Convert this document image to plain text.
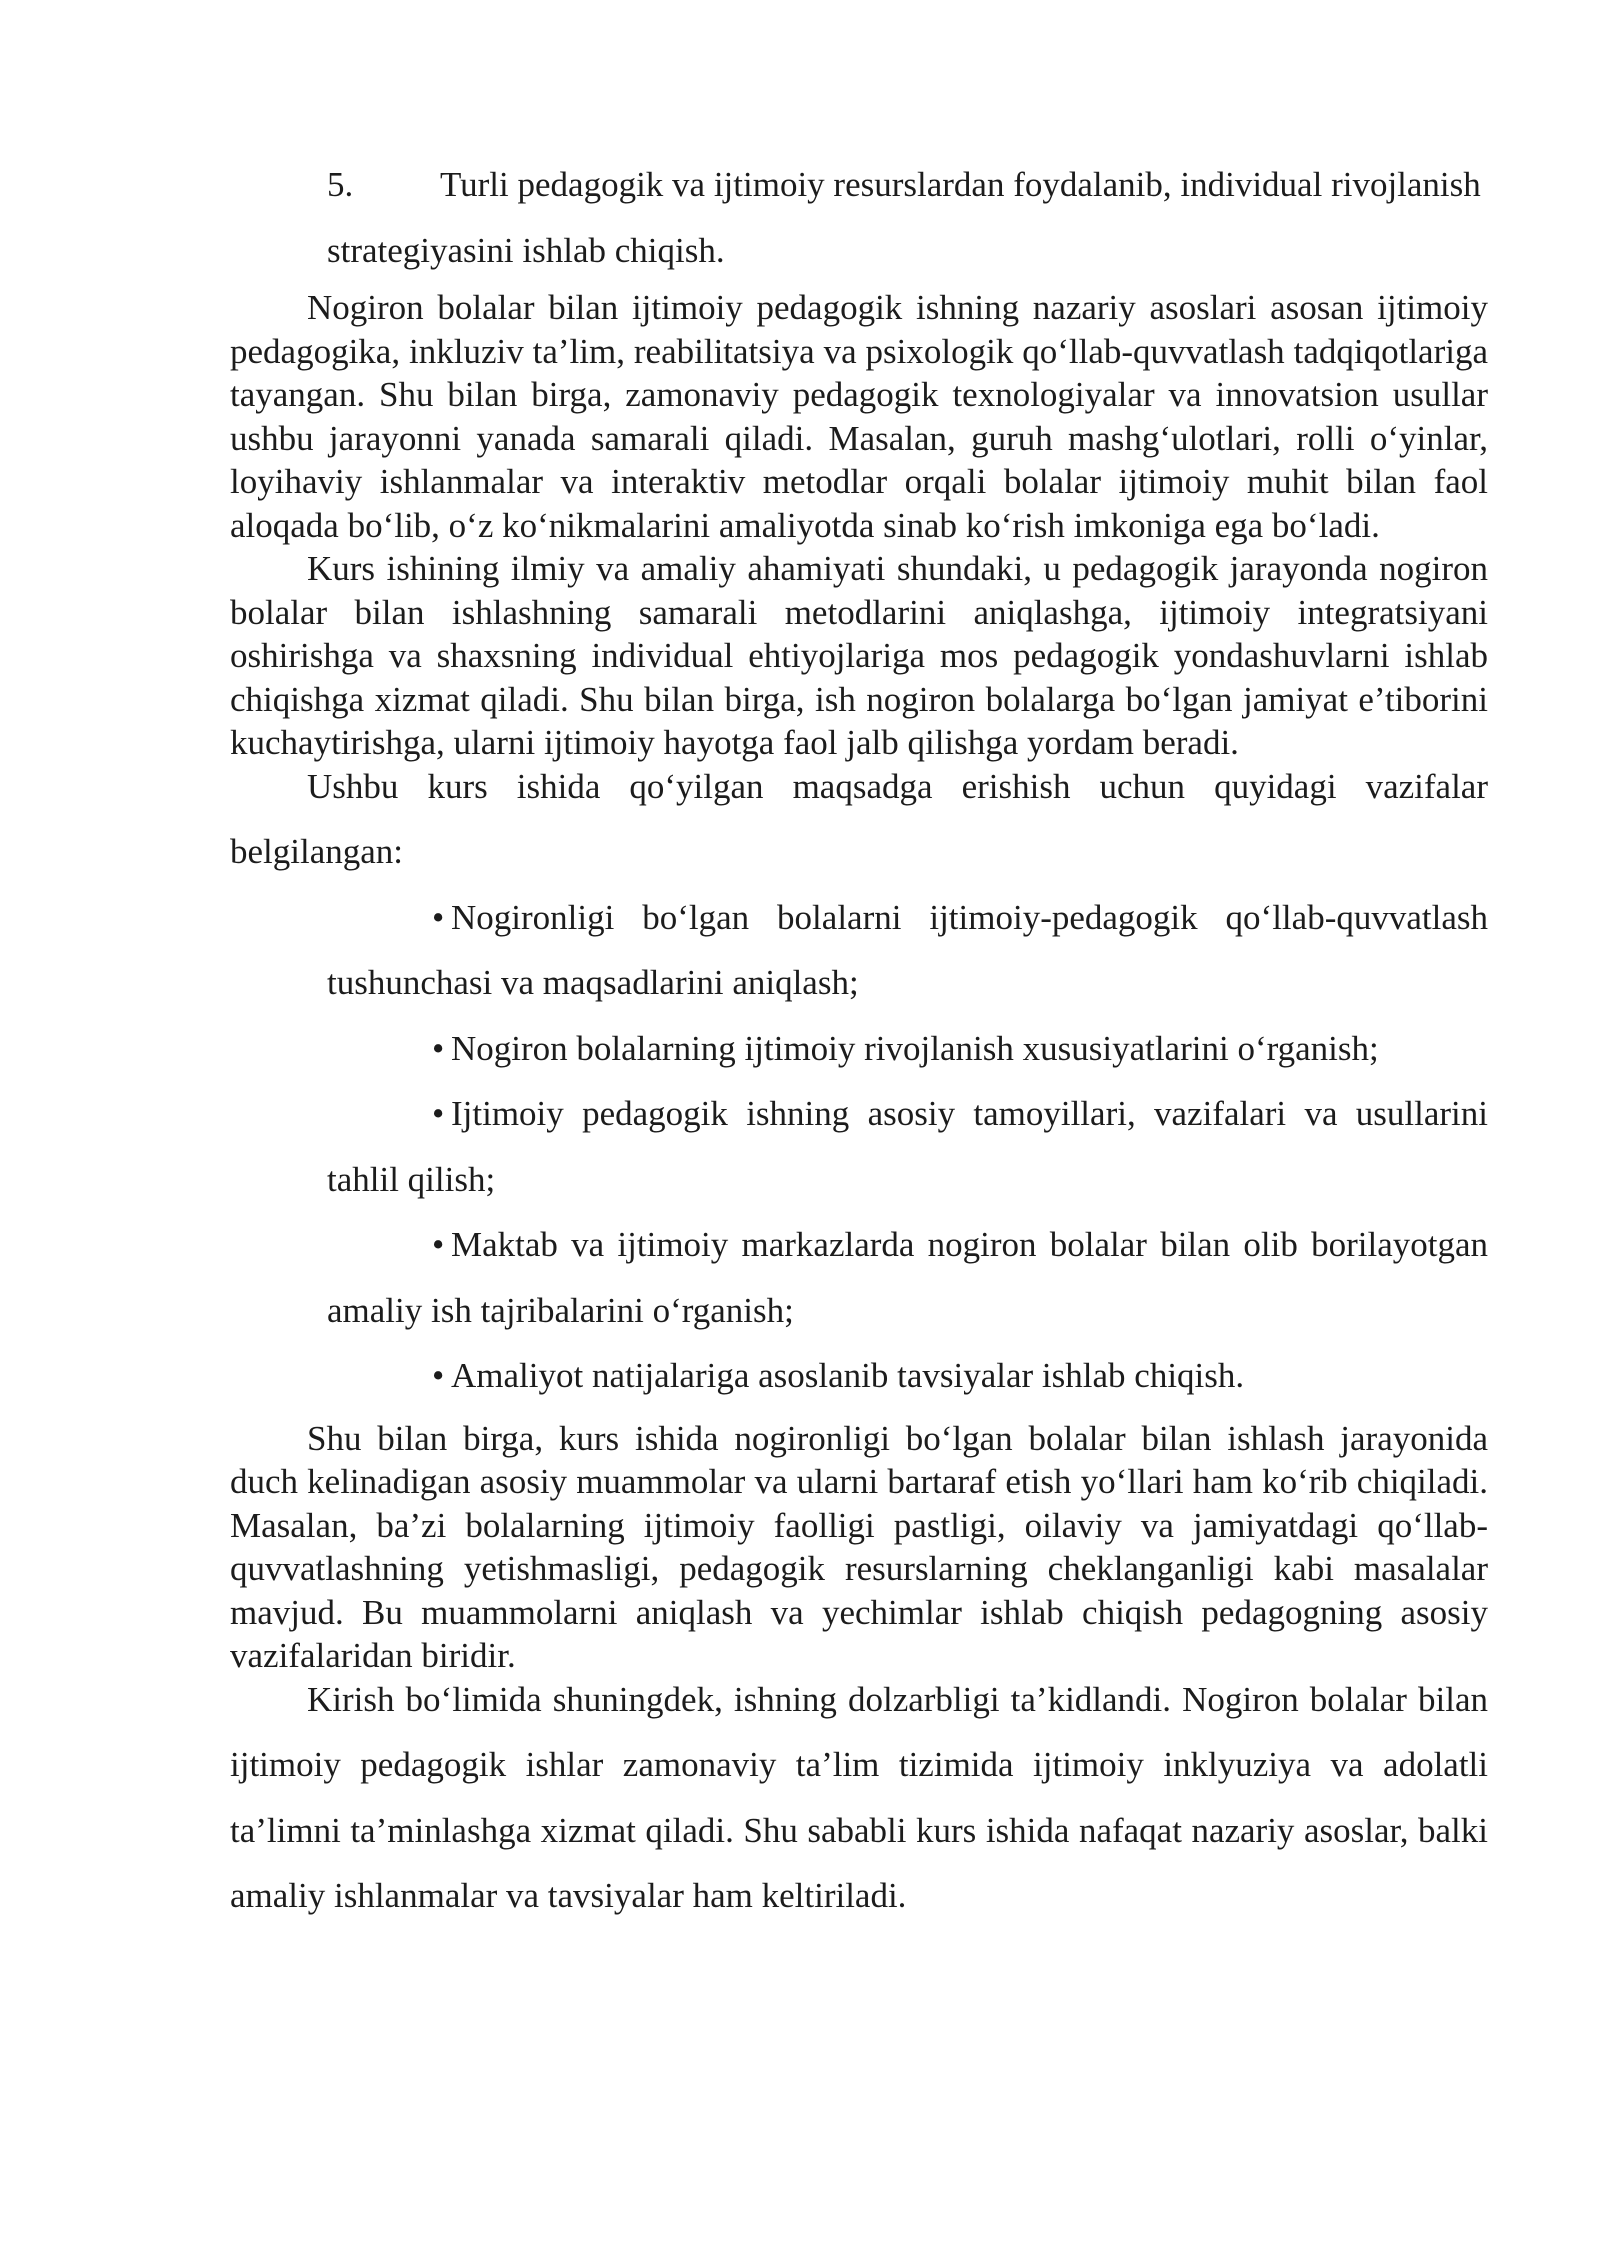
5. Turli pedagogik va ijtimoiy resurslardan foydalanib, individual rivojlanish strategiyasini ishlab chiqish.

Nogiron bolalar bilan ijtimoiy pedagogik ishning nazariy asoslari asosan ijtimoiy pedagogika, inkluziv ta’lim, reabilitatsiya va psixologik qo‘llab-quvvatlash tadqiqotlariga tayangan. Shu bilan birga, zamonaviy pedagogik texnologiyalar va innovatsion usullar ushbu jarayonni yanada samarali qiladi. Masalan, guruh mashg‘ulotlari, rolli o‘yinlar, loyihaviy ishlanmalar va interaktiv metodlar orqali bolalar ijtimoiy muhit bilan faol aloqada bo‘lib, o‘z ko‘nikmalarini amaliyotda sinab ko‘rish imkoniga ega bo‘ladi.

Kurs ishining ilmiy va amaliy ahamiyati shundaki, u pedagogik jarayonda nogiron bolalar bilan ishlashning samarali metodlarini aniqlashga, ijtimoiy integratsiyani oshirishga va shaxsning individual ehtiyojlariga mos pedagogik yondashuvlarni ishlab chiqishga xizmat qiladi. Shu bilan birga, ish nogiron bolalarga bo‘lgan jamiyat e’tiborini kuchaytirishga, ularni ijtimoiy hayotga faol jalb qilishga yordam beradi.

Ushbu kurs ishida qo‘yilgan maqsadga erishish uchun quyidagi vazifalar belgilangan:

• Nogironligi bo‘lgan bolalarni ijtimoiy-pedagogik qo‘llab-quvvatlash tushunchasi va maqsadlarini aniqlash;
• Nogiron bolalarning ijtimoiy rivojlanish xususiyatlarini o‘rganish;
• Ijtimoiy pedagogik ishning asosiy tamoyillari, vazifalari va usullarini tahlil qilish;
• Maktab va ijtimoiy markazlarda nogiron bolalar bilan olib borilayotgan amaliy ish tajribalarini o‘rganish;
• Amaliyot natijalariga asoslanib tavsiyalar ishlab chiqish.

Shu bilan birga, kurs ishida nogironligi bo‘lgan bolalar bilan ishlash jarayonida duch kelinadigan asosiy muammolar va ularni bartaraf etish yo‘llari ham ko‘rib chiqiladi. Masalan, ba’zi bolalarning ijtimoiy faolligi pastligi, oilaviy va jamiyatdagi qo‘llab-quvvatlashning yetishmasligi, pedagogik resurslarning cheklanganligi kabi masalalar mavjud. Bu muammolarni aniqlash va yechimlar ishlab chiqish pedagogning asosiy vazifalaridan biridir.

Kirish bo‘limida shuningdek, ishning dolzarbligi ta’kidlandi. Nogiron bolalar bilan ijtimoiy pedagogik ishlar zamonaviy ta’lim tizimida ijtimoiy inklyuziya va adolatli ta’limni ta’minlashga xizmat qiladi. Shu sababli kurs ishida nafaqat nazariy asoslar, balki amaliy ishlanmalar va tavsiyalar ham keltiriladi.
